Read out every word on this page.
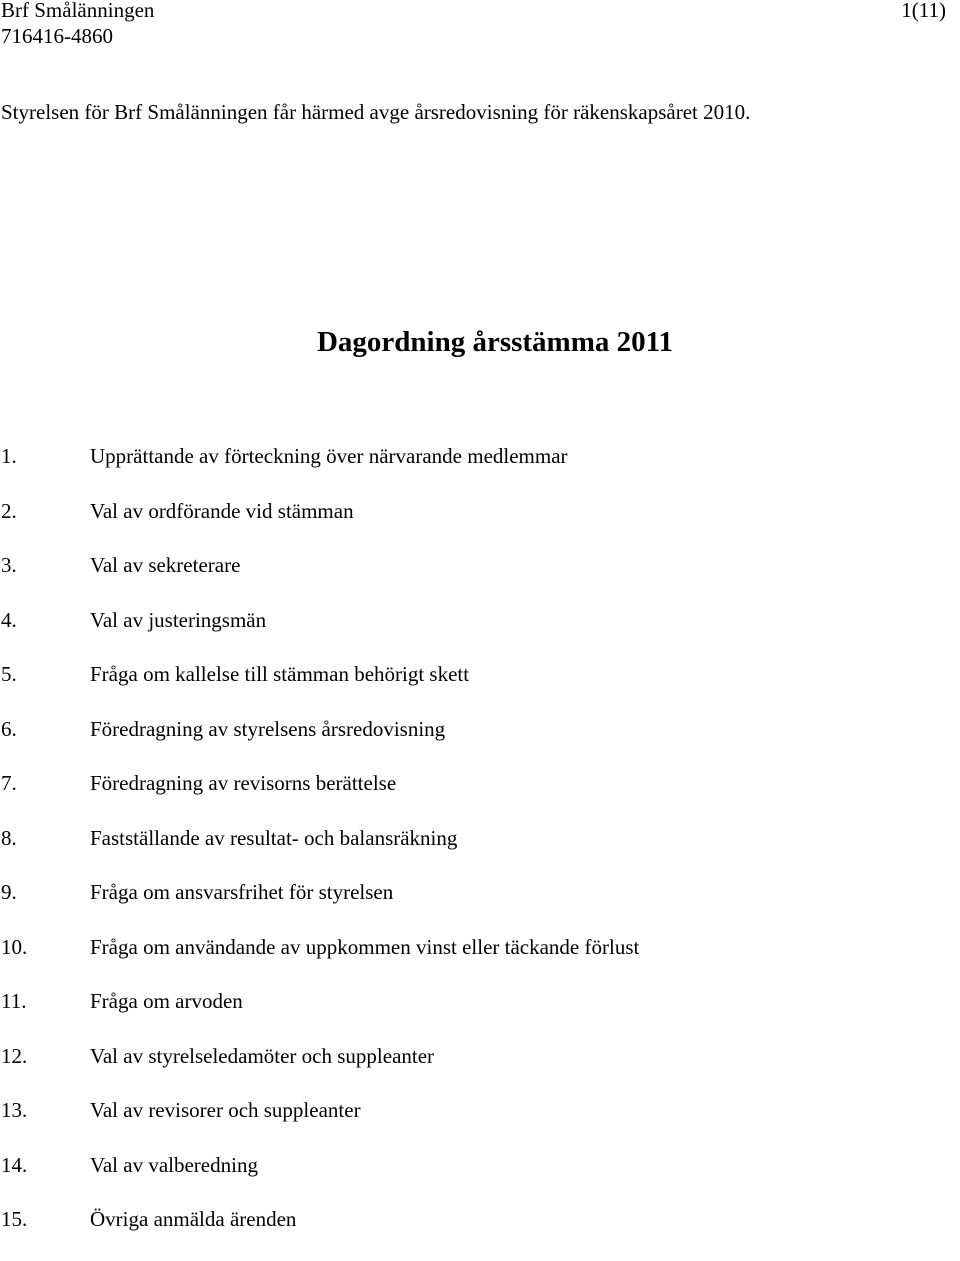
Brf Smålänningen
716416-4860
1(11)
Styrelsen för Brf Smålänningen får härmed avge årsredovisning för räkenskapsåret 2010.
Dagordning årsstämma 2011
1.	Upprättande av förteckning över närvarande medlemmar
2.	Val av ordförande vid stämman
3.	Val av sekreterare
4.	Val av justeringsmän
5.	Fråga om kallelse till stämman behörigt skett
6.	Föredragning av styrelsens årsredovisning
7.	Föredragning av revisorns berättelse
8.	Fastställande av resultat- och balansräkning
9.	Fråga om ansvarsfrihet för styrelsen
10.	Fråga om användande av uppkommen vinst eller täckande förlust
11.	Fråga om arvoden
12.	Val av styrelseledamöter och suppleanter
13.	Val av revisorer och suppleanter
14.	Val av valberedning
15.	Övriga anmälda ärenden
